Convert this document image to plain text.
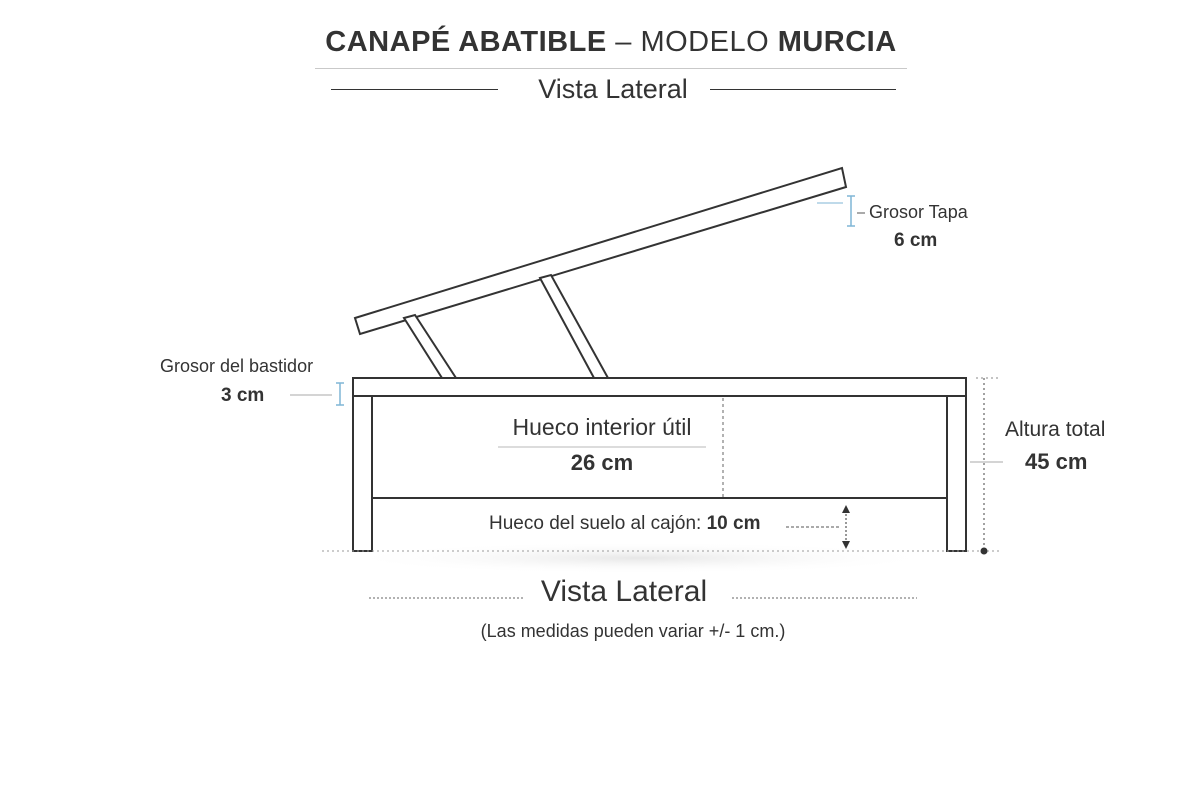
CANAPÉ ABATIBLE – MODELO MURCIA
Vista Lateral
Grosor Tapa
6 cm
Grosor del bastidor
3 cm
Hueco interior útil
26 cm
Altura total
45 cm
Hueco del suelo al cajón: 10 cm
Vista Lateral
(Las medidas pueden variar +/- 1 cm.)
